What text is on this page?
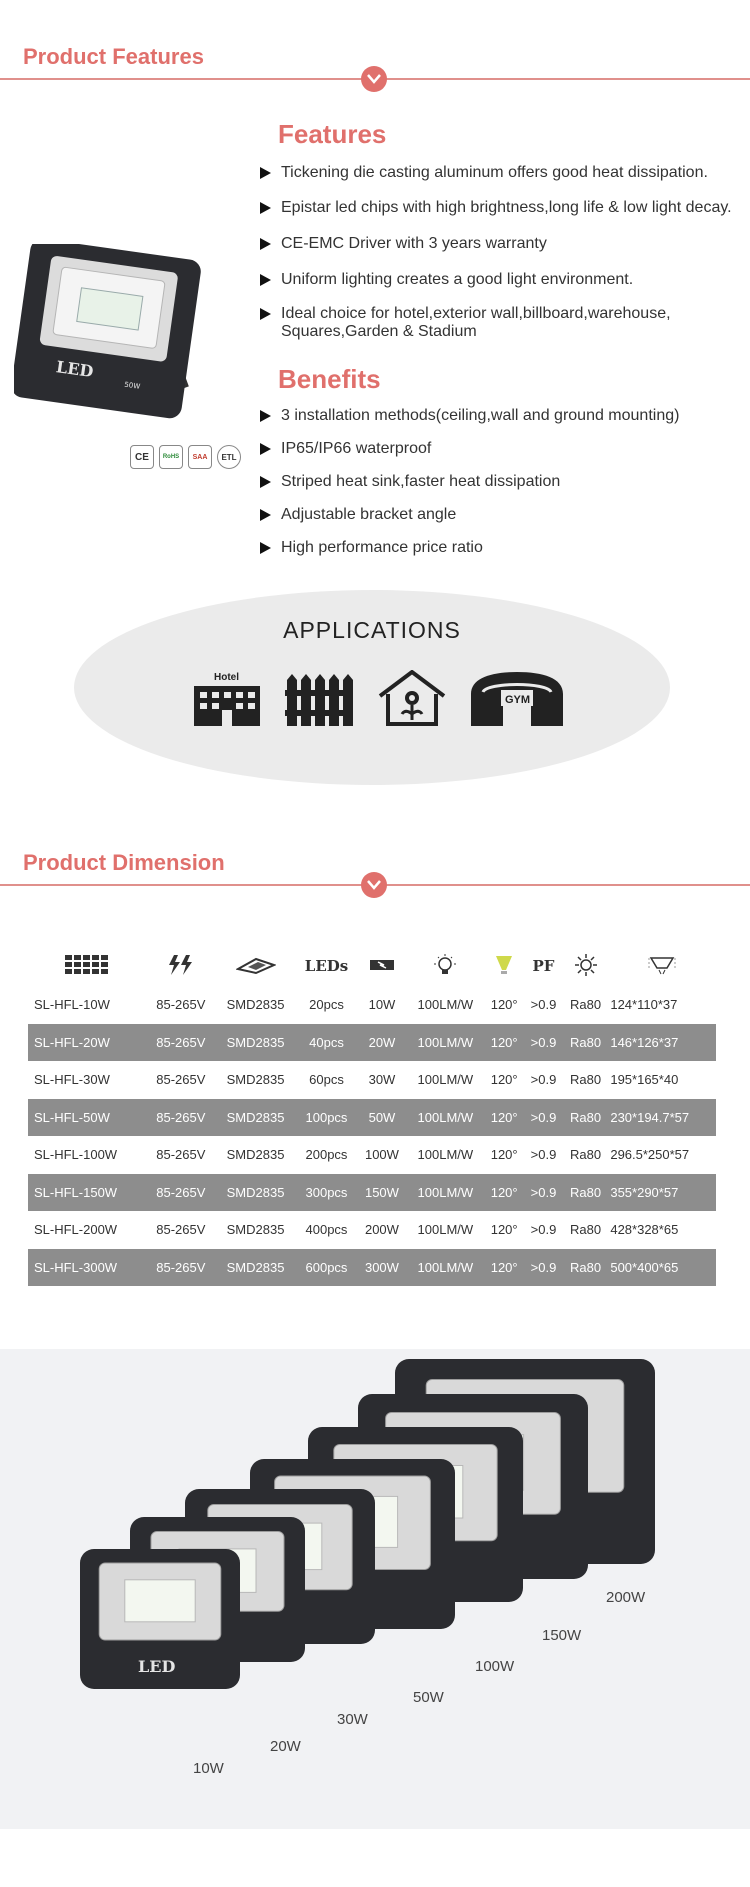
Product Features
LED
50W
CE	RoHS	SAA	ETL
Features
Tickening die casting aluminum offers good heat dissipation.
Epistar led chips with high brightness,long life & low light decay.
CE-EMC Driver with 3 years warranty
Uniform lighting creates a good light environment.
Ideal choice for hotel,exterior wall,billboard,warehouse, Squares,Garden & Stadium
Benefits
3 installation methods(ceiling,wall and ground mounting)
IP65/IP66 waterproof
Striped heat sink,faster heat dissipation
Adjustable bracket angle
High performance price ratio
APPLICATIONS
Hotel
GYM
Product Dimension
			LEDs				PF		
SL-HFL-10W	85-265V	SMD2835	20pcs	10W	100LM/W	120°	>0.9	Ra80	124*110*37
SL-HFL-20W	85-265V	SMD2835	40pcs	20W	100LM/W	120°	>0.9	Ra80	146*126*37
SL-HFL-30W	85-265V	SMD2835	60pcs	30W	100LM/W	120°	>0.9	Ra80	195*165*40
SL-HFL-50W	85-265V	SMD2835	100pcs	50W	100LM/W	120°	>0.9	Ra80	230*194.7*57
SL-HFL-100W	85-265V	SMD2835	200pcs	100W	100LM/W	120°	>0.9	Ra80	296.5*250*57
SL-HFL-150W	85-265V	SMD2835	300pcs	150W	100LM/W	120°	>0.9	Ra80	355*290*57
SL-HFL-200W	85-265V	SMD2835	400pcs	200W	100LM/W	120°	>0.9	Ra80	428*328*65
SL-HFL-300W	85-265V	SMD2835	600pcs	300W	100LM/W	120°	>0.9	Ra80	500*400*65
LED
10W
20W
30W
50W
100W
150W
200W
